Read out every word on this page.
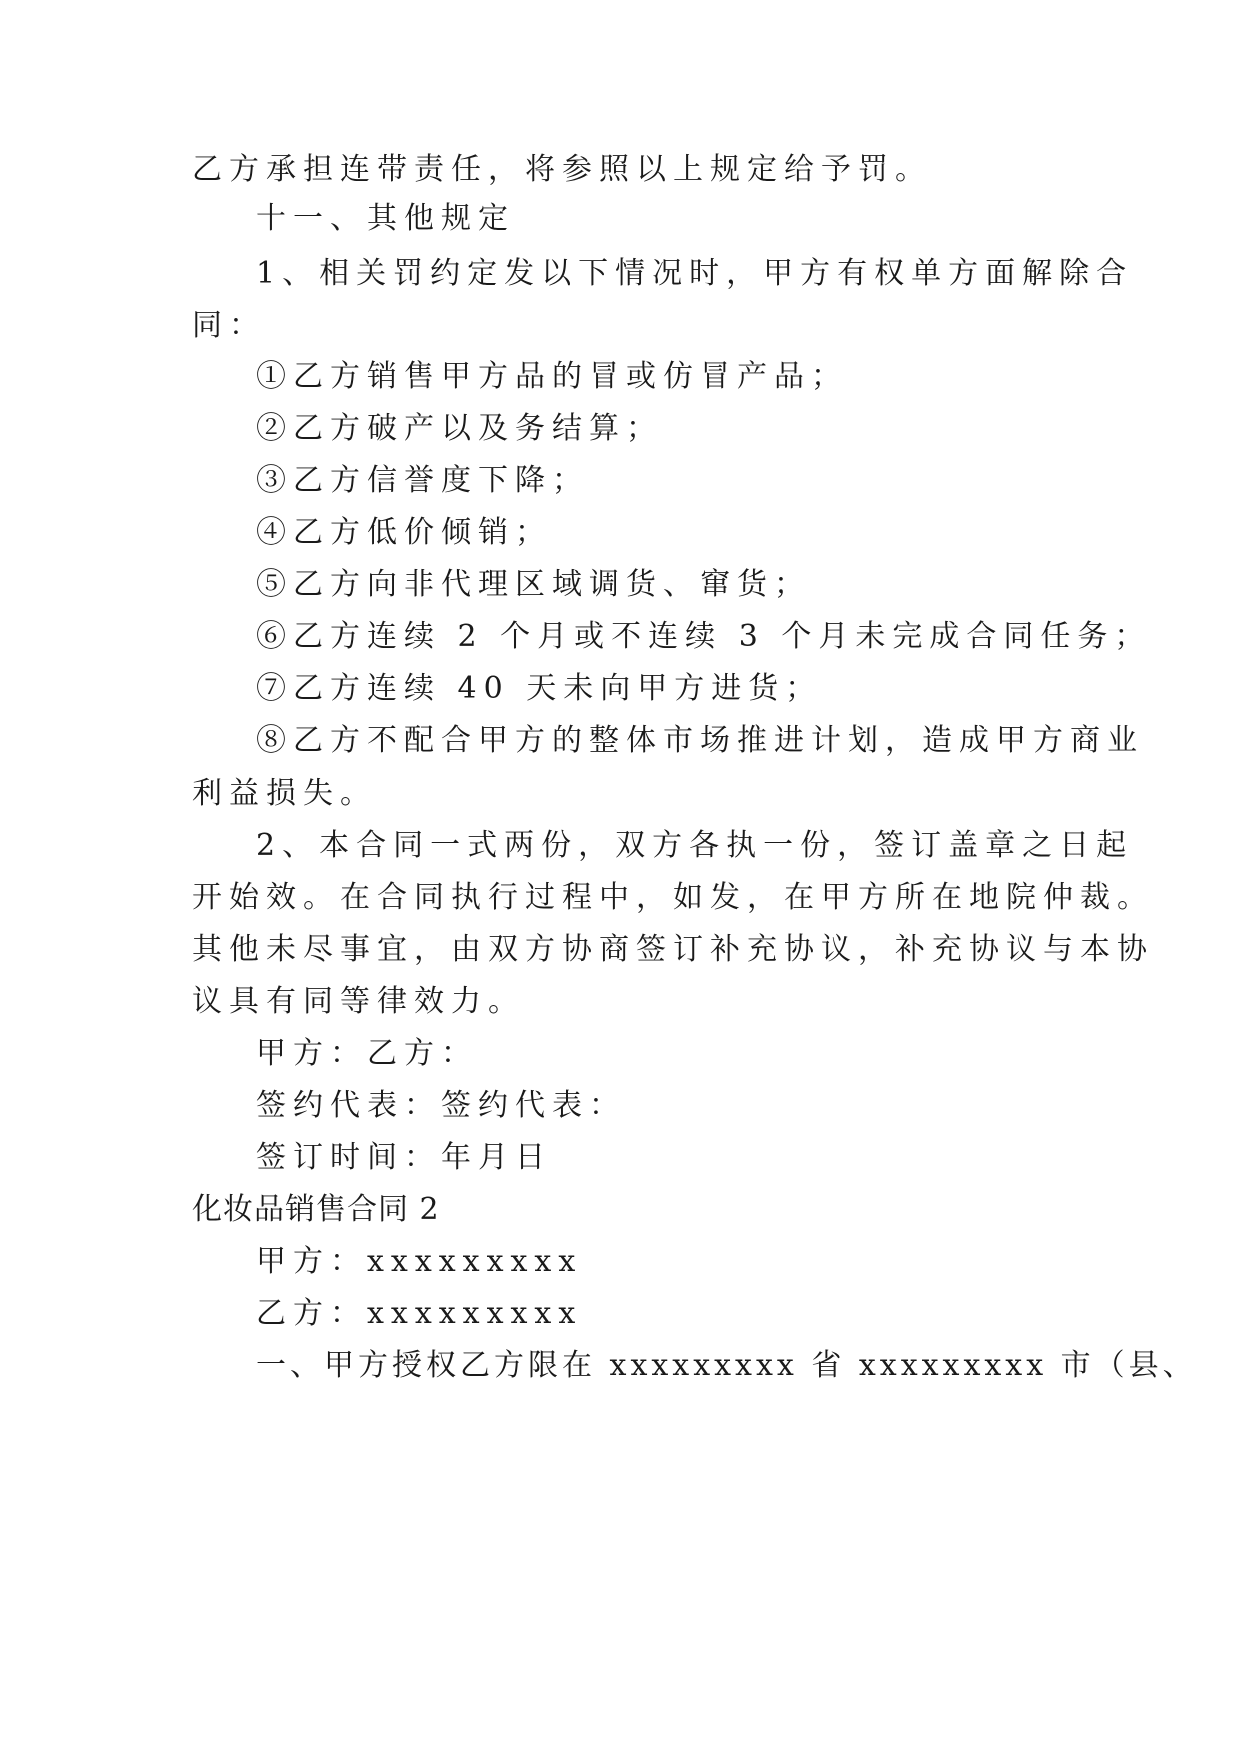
乙方承担连带责任，将参照以上规定给予罚。
十一、其他规定
1、相关罚约定发以下情况时，甲方有权单方面解除合
同：
①乙方销售甲方品的冒或仿冒产品；
②乙方破产以及务结算；
③乙方信誉度下降；
④乙方低价倾销；
⑤乙方向非代理区域调货、窜货；
⑥乙方连续 2 个月或不连续 3 个月未完成合同任务；
⑦乙方连续 40 天未向甲方进货；
⑧乙方不配合甲方的整体市场推进计划，造成甲方商业
利益损失。
2、本合同一式两份，双方各执一份，签订盖章之日起
开始效。在合同执行过程中，如发，在甲方所在地院仲裁。
其他未尽事宜，由双方协商签订补充协议，补充协议与本协
议具有同等律效力。
甲方：乙方：
签约代表：签约代表：
签订时间：年月日
化妆品销售合同 2
甲方：xxxxxxxxx
乙方：xxxxxxxxx
一、甲方授权乙方限在 xxxxxxxxx 省 xxxxxxxxx 市（县、
